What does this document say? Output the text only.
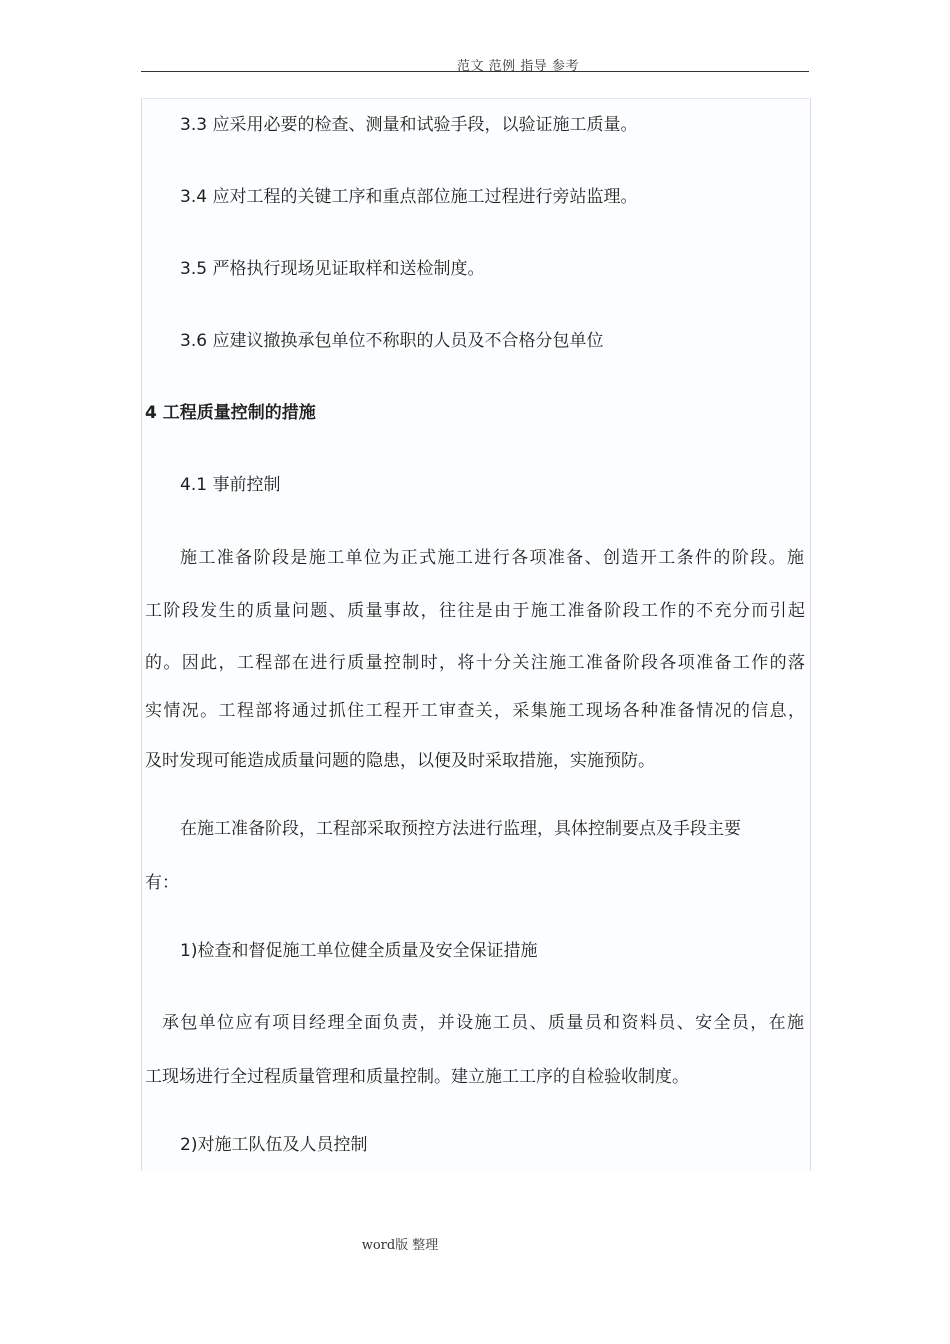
范文 范例 指导 参考
3.3 应采用必要的检查、测量和试验手段，以验证施工质量。
3.4 应对工程的关键工序和重点部位施工过程进行旁站监理。
3.5 严格执行现场见证取样和送检制度。
3.6 应建议撤换承包单位不称职的人员及不合格分包单位
4 工程质量控制的措施
4.1 事前控制
施工准备阶段是施工单位为正式施工进行各项准备、创造开工条件的阶段。施
工阶段发生的质量问题、质量事故，往往是由于施工准备阶段工作的不充分而引起
的。因此，工程部在进行质量控制时，将十分关注施工准备阶段各项准备工作的落
实情况。工程部将通过抓住工程开工审查关，采集施工现场各种准备情况的信息，
及时发现可能造成质量问题的隐患，以便及时采取措施，实施预防。
在施工准备阶段，工程部采取预控方法进行监理，具体控制要点及手段主要
有：
1)检查和督促施工单位健全质量及安全保证措施
承包单位应有项目经理全面负责，并设施工员、质量员和资料员、安全员，在施
工现场进行全过程质量管理和质量控制。建立施工工序的自检验收制度。
2)对施工队伍及人员控制
word版 整理
